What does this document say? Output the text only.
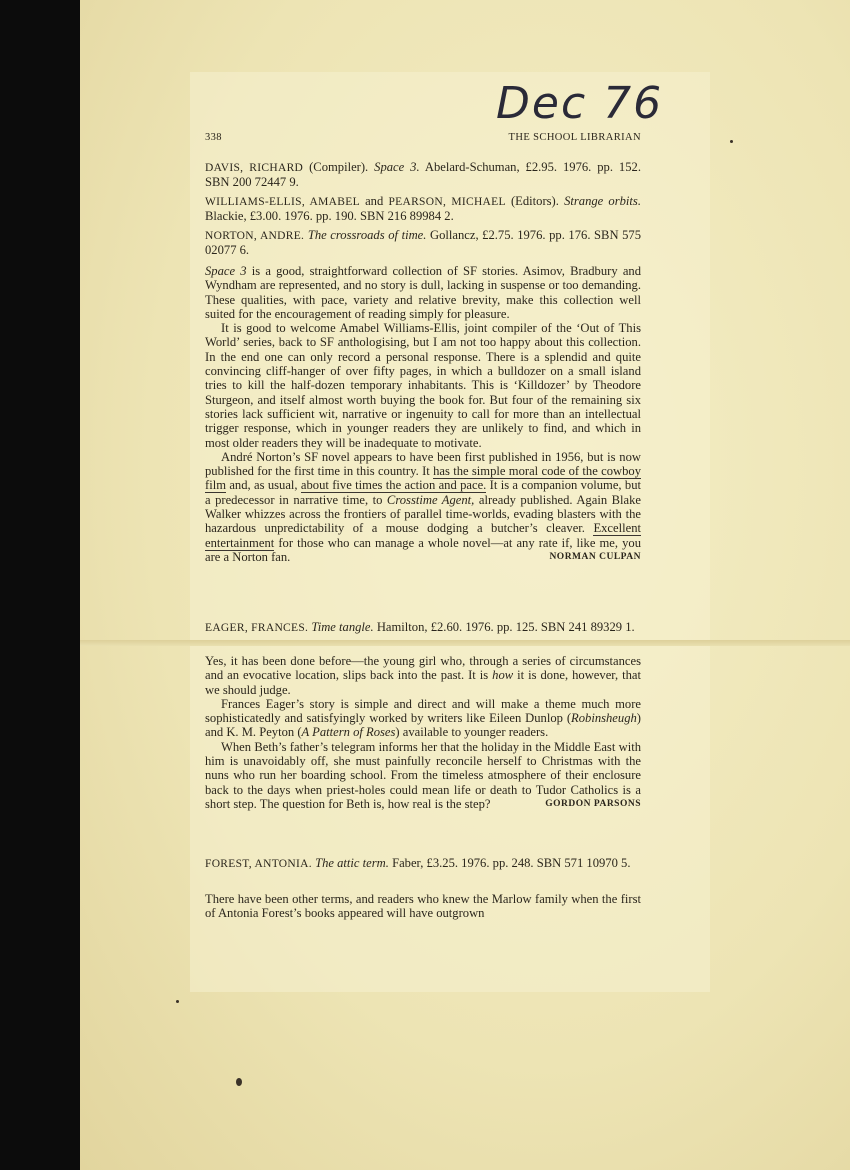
Dec 76
338	THE SCHOOL LIBRARIAN
DAVIS, RICHARD (Compiler). Space 3. Abelard-Schuman, £2.95. 1976. pp. 152. SBN 200 72447 9.
WILLIAMS-ELLIS, AMABEL and PEARSON, MICHAEL (Editors). Strange orbits. Blackie, £3.00. 1976. pp. 190. SBN 216 89984 2.
NORTON, ANDRE. The crossroads of time. Gollancz, £2.75. 1976. pp. 176. SBN 575 02077 6.
Space 3 is a good, straightforward collection of SF stories. Asimov, Bradbury and Wyndham are represented, and no story is dull, lacking in suspense or too demanding. These qualities, with pace, variety and relative brevity, make this collection well suited for the encouragement of reading simply for pleasure.
It is good to welcome Amabel Williams-Ellis, joint compiler of the ‘Out of This World’ series, back to SF anthologising, but I am not too happy about this collection. In the end one can only record a personal response. There is a splendid and quite convincing cliff-hanger of over fifty pages, in which a bulldozer on a small island tries to kill the half-dozen temporary inhabitants. This is ‘Killdozer’ by Theodore Sturgeon, and itself almost worth buying the book for. But four of the remaining six stories lack sufficient wit, narrative or ingenuity to call for more than an intellectual trigger response, which in younger readers they are unlikely to find, and which in most older readers they will be inadequate to motivate.
André Norton’s SF novel appears to have been first published in 1956, but is now published for the first time in this country. It has the simple moral code of the cowboy film and, as usual, about five times the action and pace. It is a companion volume, but a predecessor in narrative time, to Crosstime Agent, already published. Again Blake Walker whizzes across the frontiers of parallel time-worlds, evading blasters with the hazardous unpredictability of a mouse dodging a butcher’s cleaver. Excellent entertainment for those who can manage a whole novel—at any rate if, like me, you are a Norton fan.	NORMAN CULPAN
EAGER, FRANCES. Time tangle. Hamilton, £2.60. 1976. pp. 125. SBN 241 89329 1.
Yes, it has been done before—the young girl who, through a series of circumstances and an evocative location, slips back into the past. It is how it is done, however, that we should judge.
Frances Eager’s story is simple and direct and will make a theme much more sophisticatedly and satisfyingly worked by writers like Eileen Dunlop (Robinsheugh) and K. M. Peyton (A Pattern of Roses) available to younger readers.
When Beth’s father’s telegram informs her that the holiday in the Middle East with him is unavoidably off, she must painfully reconcile herself to Christmas with the nuns who run her boarding school. From the timeless atmosphere of their enclosure back to the days when priest-holes could mean life or death to Tudor Catholics is a short step. The question for Beth is, how real is the step?	GORDON PARSONS
FOREST, ANTONIA. The attic term. Faber, £3.25. 1976. pp. 248. SBN 571 10970 5.
There have been other terms, and readers who knew the Marlow family when the first of Antonia Forest’s books appeared will have outgrown
